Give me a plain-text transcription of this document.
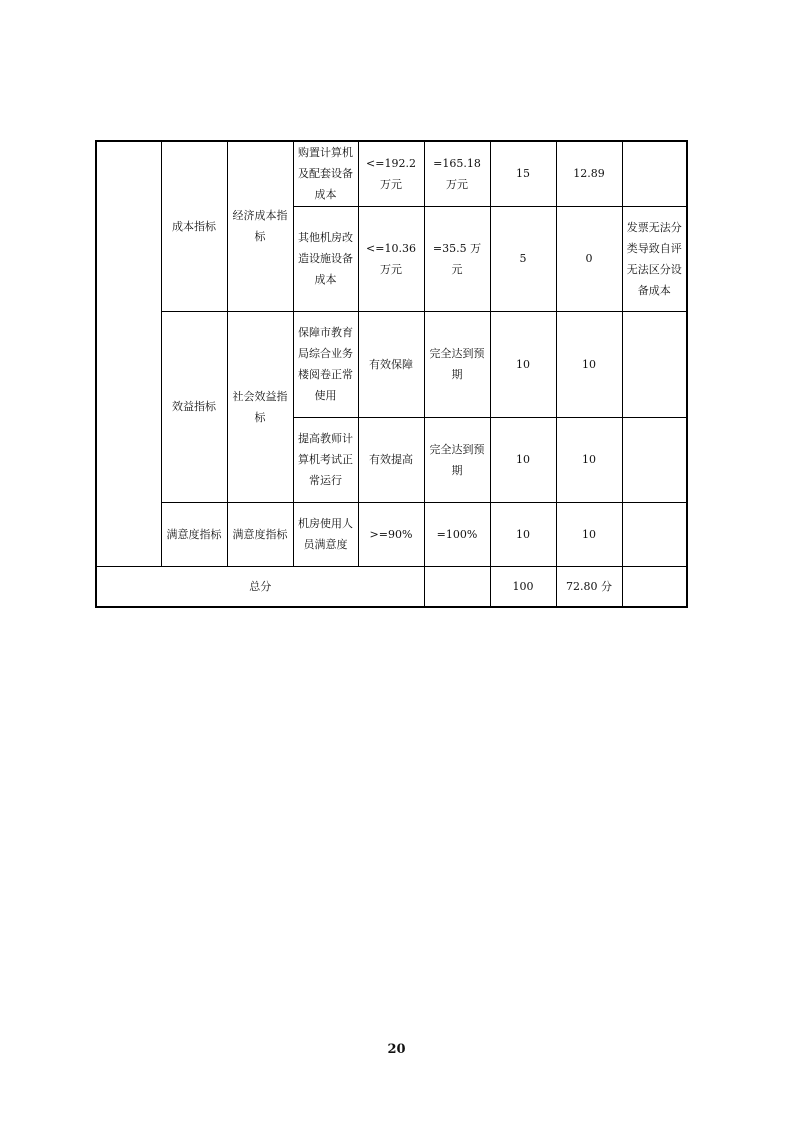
	成本指标	经济成本指标	购置计算机及配套设备成本	<=192.2 万元	=165.18 万元	15	12.89	
			其他机房改造设施设备成本	<=10.36 万元	=35.5 万元	5	0	发票无法分类导致自评无法区分设备成本
	效益指标	社会效益指标	保障市教育局综合业务楼阅卷正常使用	有效保障	完全达到预期	10	10	
			提高教师计算机考试正常运行	有效提高	完全达到预期	10	10	
	满意度指标	满意度指标	机房使用人员满意度	>=90%	=100%	10	10	
总分						100	72.80 分	
20
